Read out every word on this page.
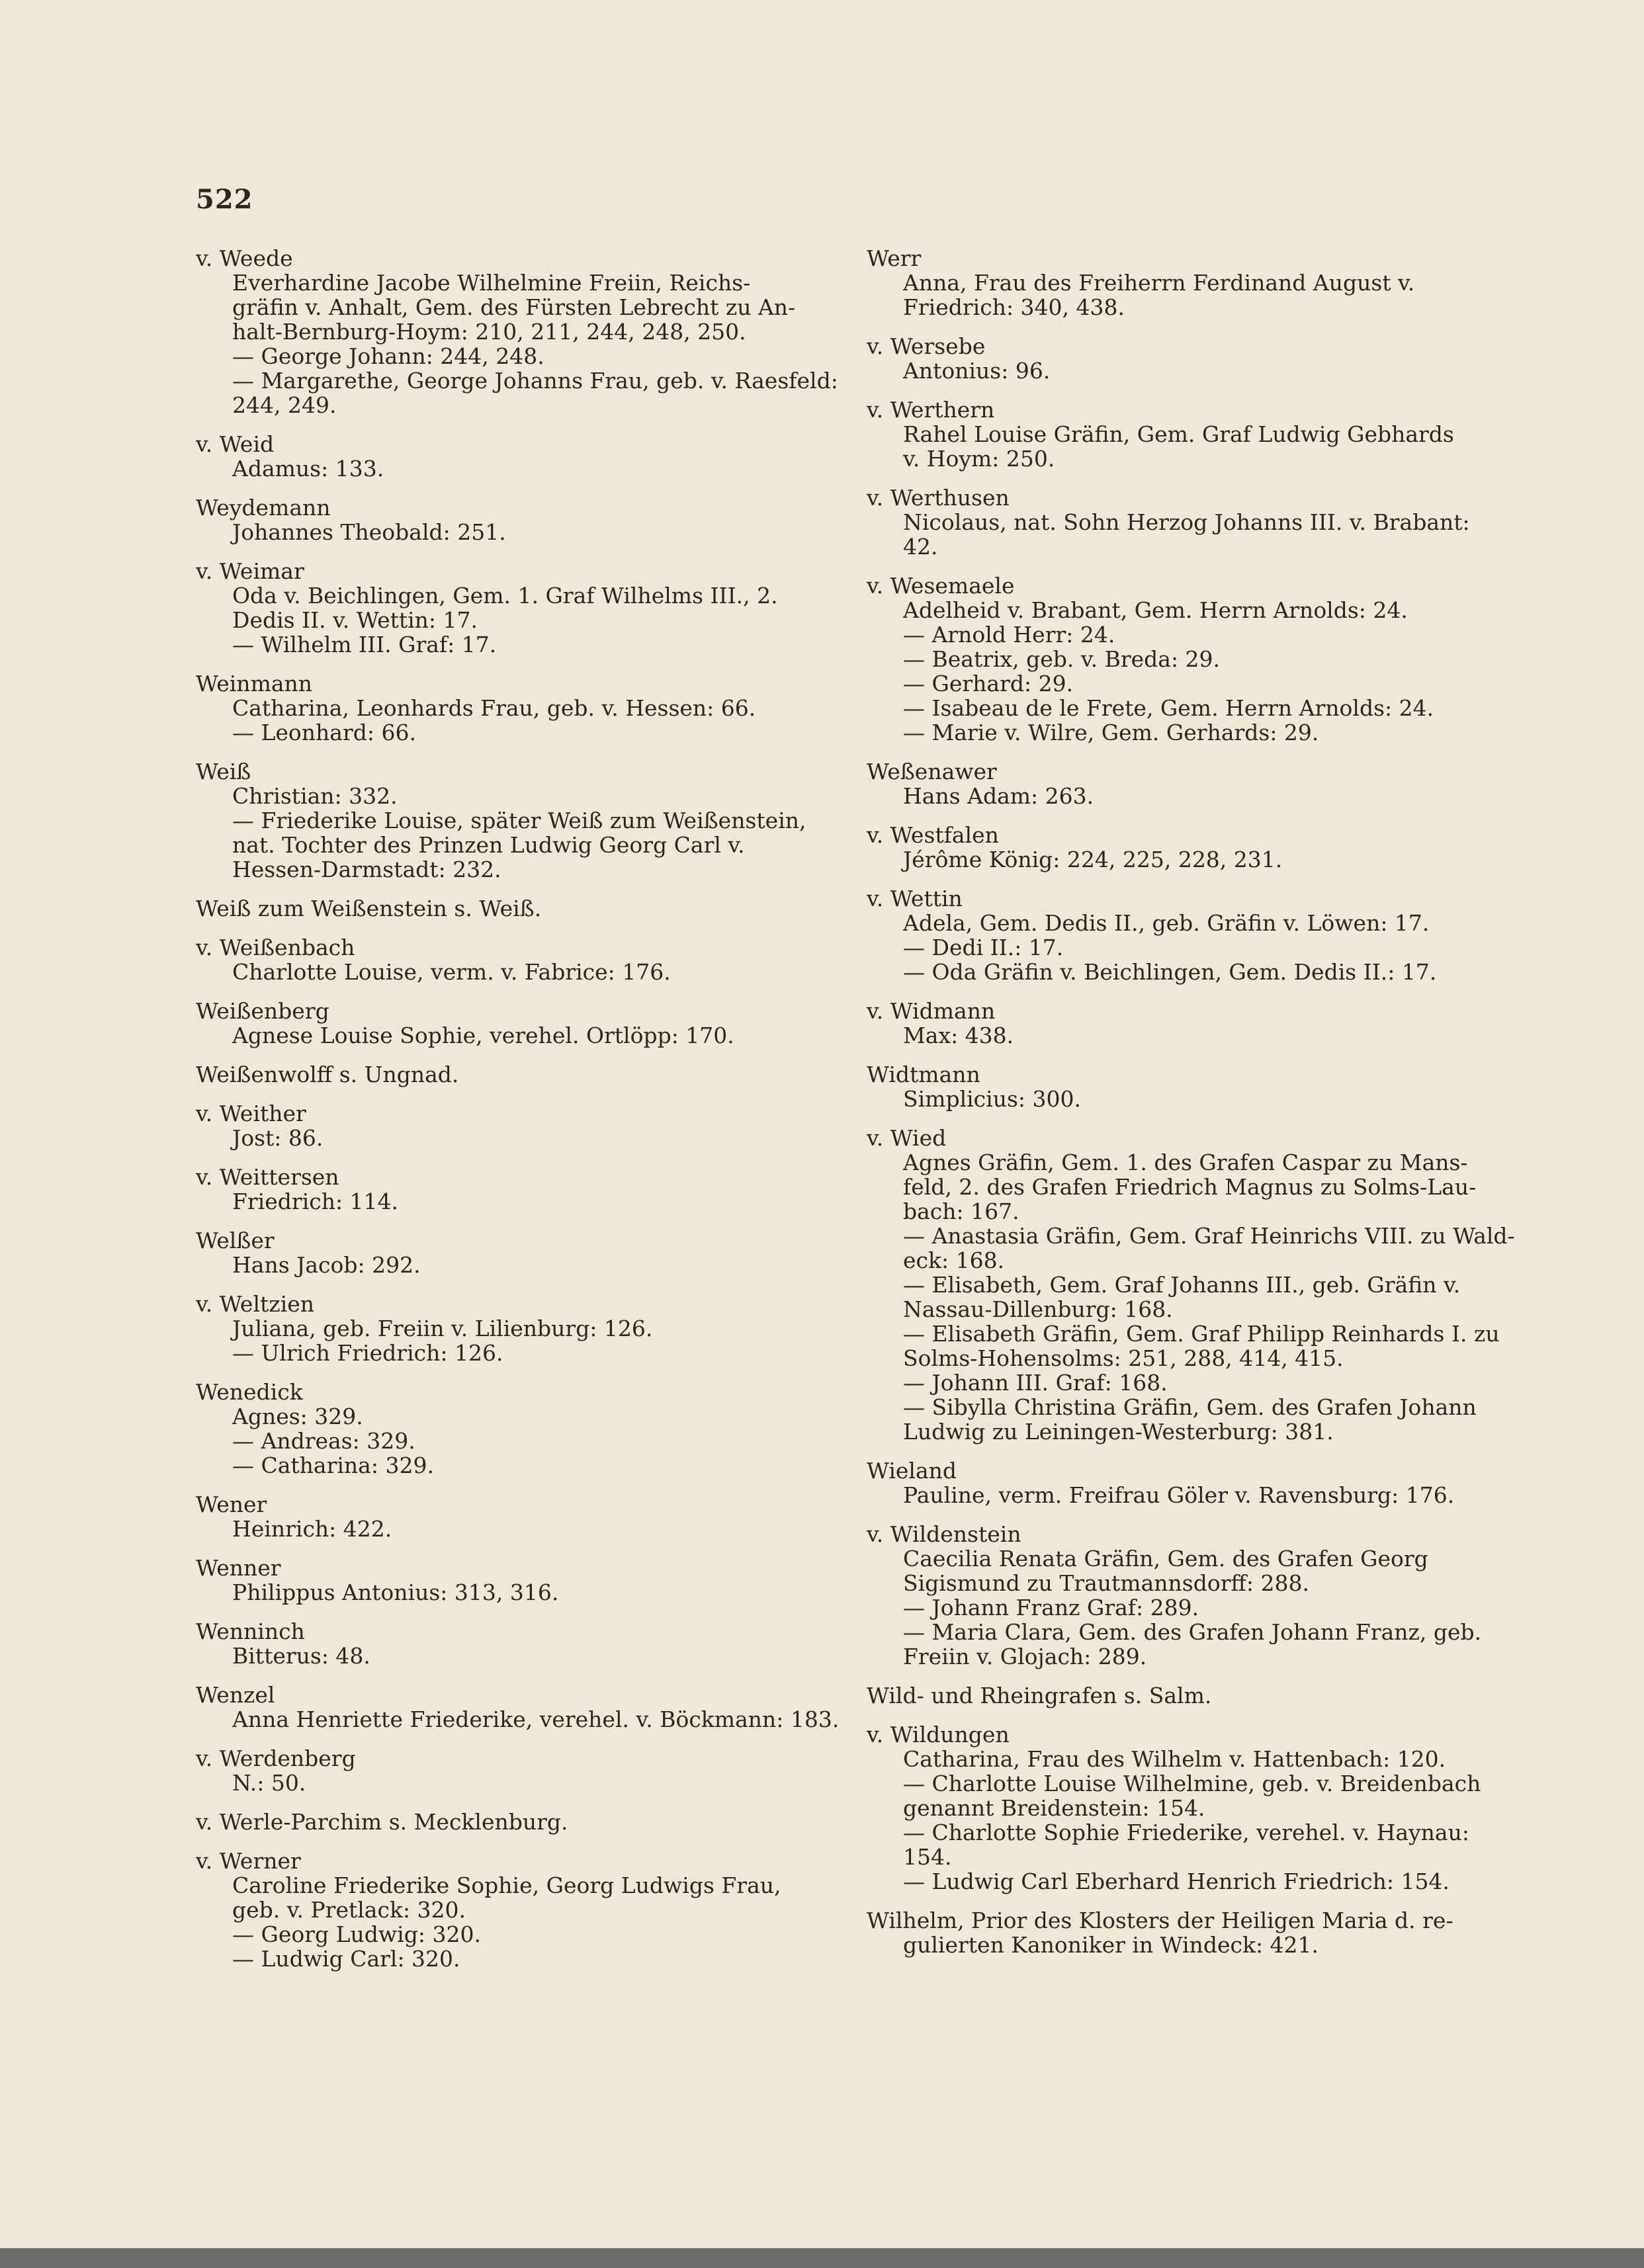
522
v. Weede
Everhardine Jacobe Wilhelmine Freiin, Reichs-
gräfin v. Anhalt, Gem. des Fürsten Lebrecht zu An-
halt-Bernburg-Hoym: 210, 211, 244, 248, 250.
— George Johann: 244, 248.
— Margarethe, George Johanns Frau, geb. v. Raesfeld:
244, 249.
v. Weid
Adamus: 133.
Weydemann
Johannes Theobald: 251.
v. Weimar
Oda v. Beichlingen, Gem. 1. Graf Wilhelms III., 2.
Dedis II. v. Wettin: 17.
— Wilhelm III. Graf: 17.
Weinmann
Catharina, Leonhards Frau, geb. v. Hessen: 66.
— Leonhard: 66.
Weiß
Christian: 332.
— Friederike Louise, später Weiß zum Weißenstein,
nat. Tochter des Prinzen Ludwig Georg Carl v.
Hessen-Darmstadt: 232.
Weiß zum Weißenstein s. Weiß.
v. Weißenbach
Charlotte Louise, verm. v. Fabrice: 176.
Weißenberg
Agnese Louise Sophie, verehel. Ortlöpp: 170.
Weißenwolff s. Ungnad.
v. Weither
Jost: 86.
v. Weittersen
Friedrich: 114.
Welßer
Hans Jacob: 292.
v. Weltzien
Juliana, geb. Freiin v. Lilienburg: 126.
— Ulrich Friedrich: 126.
Wenedick
Agnes: 329.
— Andreas: 329.
— Catharina: 329.
Wener
Heinrich: 422.
Wenner
Philippus Antonius: 313, 316.
Wenninch
Bitterus: 48.
Wenzel
Anna Henriette Friederike, verehel. v. Böckmann: 183.
v. Werdenberg
N.: 50.
v. Werle-Parchim s. Mecklenburg.
v. Werner
Caroline Friederike Sophie, Georg Ludwigs Frau,
geb. v. Pretlack: 320.
— Georg Ludwig: 320.
— Ludwig Carl: 320.
Werr
Anna, Frau des Freiherrn Ferdinand August v.
Friedrich: 340, 438.
v. Wersebe
Antonius: 96.
v. Werthern
Rahel Louise Gräfin, Gem. Graf Ludwig Gebhards
v. Hoym: 250.
v. Werthusen
Nicolaus, nat. Sohn Herzog Johanns III. v. Brabant:
42.
v. Wesemaele
Adelheid v. Brabant, Gem. Herrn Arnolds: 24.
— Arnold Herr: 24.
— Beatrix, geb. v. Breda: 29.
— Gerhard: 29.
— Isabeau de le Frete, Gem. Herrn Arnolds: 24.
— Marie v. Wilre, Gem. Gerhards: 29.
Weßenawer
Hans Adam: 263.
v. Westfalen
Jérôme König: 224, 225, 228, 231.
v. Wettin
Adela, Gem. Dedis II., geb. Gräfin v. Löwen: 17.
— Dedi II.: 17.
— Oda Gräfin v. Beichlingen, Gem. Dedis II.: 17.
v. Widmann
Max: 438.
Widtmann
Simplicius: 300.
v. Wied
Agnes Gräfin, Gem. 1. des Grafen Caspar zu Mans-
feld, 2. des Grafen Friedrich Magnus zu Solms-Lau-
bach: 167.
— Anastasia Gräfin, Gem. Graf Heinrichs VIII. zu Wald-
eck: 168.
— Elisabeth, Gem. Graf Johanns III., geb. Gräfin v.
Nassau-Dillenburg: 168.
— Elisabeth Gräfin, Gem. Graf Philipp Reinhards I. zu
Solms-Hohensolms: 251, 288, 414, 415.
— Johann III. Graf: 168.
— Sibylla Christina Gräfin, Gem. des Grafen Johann
Ludwig zu Leiningen-Westerburg: 381.
Wieland
Pauline, verm. Freifrau Göler v. Ravensburg: 176.
v. Wildenstein
Caecilia Renata Gräfin, Gem. des Grafen Georg
Sigismund zu Trautmannsdorff: 288.
— Johann Franz Graf: 289.
— Maria Clara, Gem. des Grafen Johann Franz, geb.
Freiin v. Glojach: 289.
Wild- und Rheingrafen s. Salm.
v. Wildungen
Catharina, Frau des Wilhelm v. Hattenbach: 120.
— Charlotte Louise Wilhelmine, geb. v. Breidenbach
genannt Breidenstein: 154.
— Charlotte Sophie Friederike, verehel. v. Haynau:
154.
— Ludwig Carl Eberhard Henrich Friedrich: 154.
Wilhelm, Prior des Klosters der Heiligen Maria d. re-
gulierten Kanoniker in Windeck: 421.
